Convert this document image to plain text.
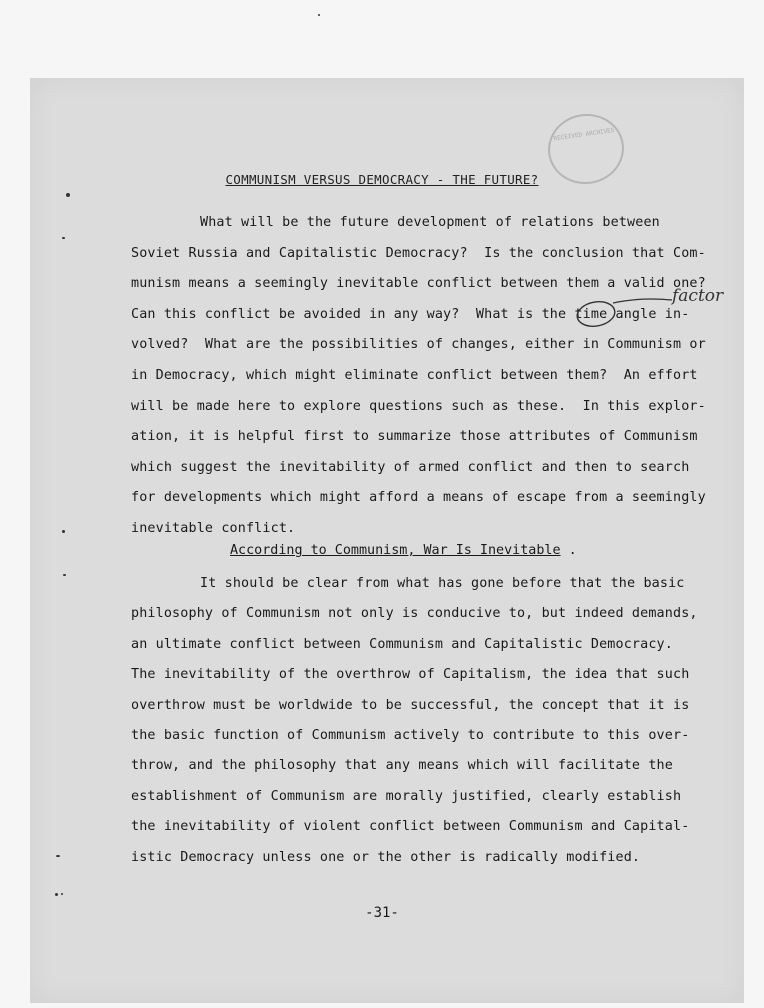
RECEIVED ARCHIVES
COMMUNISM VERSUS DEMOCRACY - THE FUTURE?
What will be the future development of relations between
Soviet Russia and Capitalistic Democracy?  Is the conclusion that Com-
munism means a seemingly inevitable conflict between them a valid one?
Can this conflict be avoided in any way?  What is the time angle in-
volved?  What are the possibilities of changes, either in Communism or
in Democracy, which might eliminate conflict between them?  An effort
will be made here to explore questions such as these.  In this explor-
ation, it is helpful first to summarize those attributes of Communism
which suggest the inevitability of armed conflict and then to search
for developments which might afford a means of escape from a seemingly
inevitable conflict.
According to Communism, War Is Inevitable .
It should be clear from what has gone before that the basic
philosophy of Communism not only is conducive to, but indeed demands,
an ultimate conflict between Communism and Capitalistic Democracy.
The inevitability of the overthrow of Capitalism, the idea that such
overthrow must be worldwide to be successful, the concept that it is
the basic function of Communism actively to contribute to this over-
throw, and the philosophy that any means which will facilitate the
establishment of Communism are morally justified, clearly establish
the inevitability of violent conflict between Communism and Capital-
istic Democracy unless one or the other is radically modified.
factor
-31-
